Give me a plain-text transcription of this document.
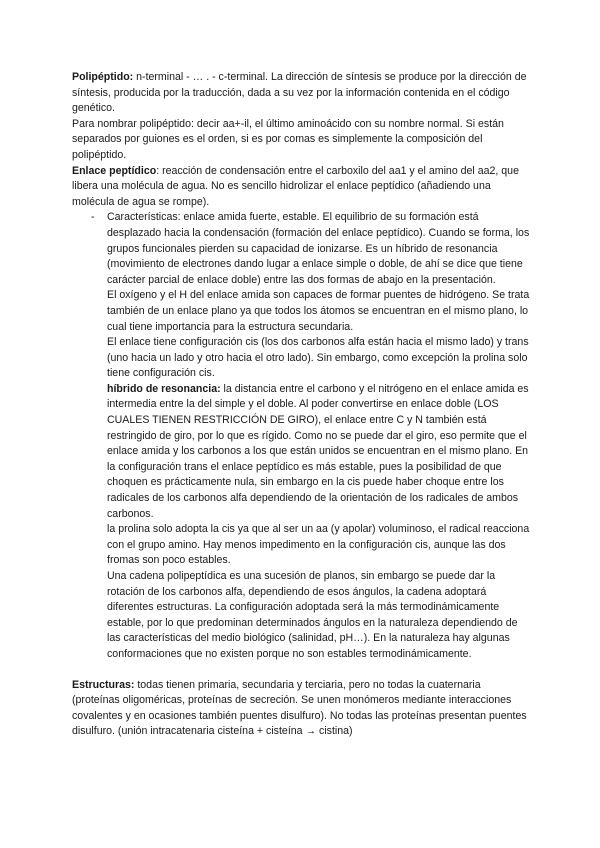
Polipéptido: n-terminal - … . - c-terminal. La dirección de síntesis se produce por la dirección de síntesis, producida por la traducción, dada a su vez por la información contenida en el código genético.

Para nombrar polipéptido: decir aa+-il, el último aminoácido con su nombre normal. Si están separados por guiones es el orden, si es por comas es simplemente la composición del polipéptido.

Enlace peptídico: reacción de condensación entre el carboxilo del aa1 y el amino del aa2, que libera una molécula de agua. No es sencillo hidrolizar el enlace peptídico (añadiendo una molécula de agua se rompe).

- Características: enlace amida fuerte, estable. El equilibrio de su formación está desplazado hacia la condensación (formación del enlace peptídico). Cuando se forma, los grupos funcionales pierden su capacidad de ionizarse. Es un híbrido de resonancia (movimiento de electrones dando lugar a enlace simple o doble, de ahí se dice que tiene carácter parcial de enlace doble) entre las dos formas de abajo en la presentación.

El oxígeno y el H del enlace amida son capaces de formar puentes de hidrógeno. Se trata también de un enlace plano ya que todos los átomos se encuentran en el mismo plano, lo cual tiene importancia para la estructura secundaria.

El enlace tiene configuración cis (los dos carbonos alfa están hacia el mismo lado) y trans (uno hacia un lado y otro hacia el otro lado). Sin embargo, como excepción la prolina solo tiene configuración cis.

híbrido de resonancia: la distancia entre el carbono y el nitrógeno en el enlace amida es intermedia entre la del simple y el doble. Al poder convertirse en enlace doble (LOS CUALES TIENEN RESTRICCIÓN DE GIRO), el enlace entre C y N también está restringido de giro, por lo que es rígido. Como no se puede dar el giro, eso permite que el enlace amida y los carbonos a los que están unidos se encuentran en el mismo plano. En la configuración trans el enlace peptídico es más estable, pues la posibilidad de que choquen es prácticamente nula, sin embargo en la cis puede haber choque entre los radicales de los carbonos alfa dependiendo de la orientación de los radicales de ambos carbonos.

la prolina solo adopta la cis ya que al ser un aa (y apolar) voluminoso, el radical reacciona con el grupo amino. Hay menos impedimento en la configuración cis, aunque las dos fromas son poco estables.

Una cadena polipeptídica es una sucesión de planos, sin embargo se puede dar la rotación de los carbonos alfa, dependiendo de esos ángulos, la cadena adoptará diferentes estructuras. La configuración adoptada será la más termodinámicamente estable, por lo que predominan determinados ángulos en la naturaleza dependiendo de las características del medio biológico (salinidad, pH…). En la naturaleza hay algunas conformaciones que no existen porque no son estables termodinámicamente.

Estructuras: todas tienen primaria, secundaria y terciaria, pero no todas la cuaternaria (proteínas oligoméricas, proteínas de secreción. Se unen monómeros mediante interacciones covalentes y en ocasiones también puentes disulfuro). No todas las proteínas presentan puentes disulfuro. (unión intracatenaria cisteína + cisteína → cistina)
